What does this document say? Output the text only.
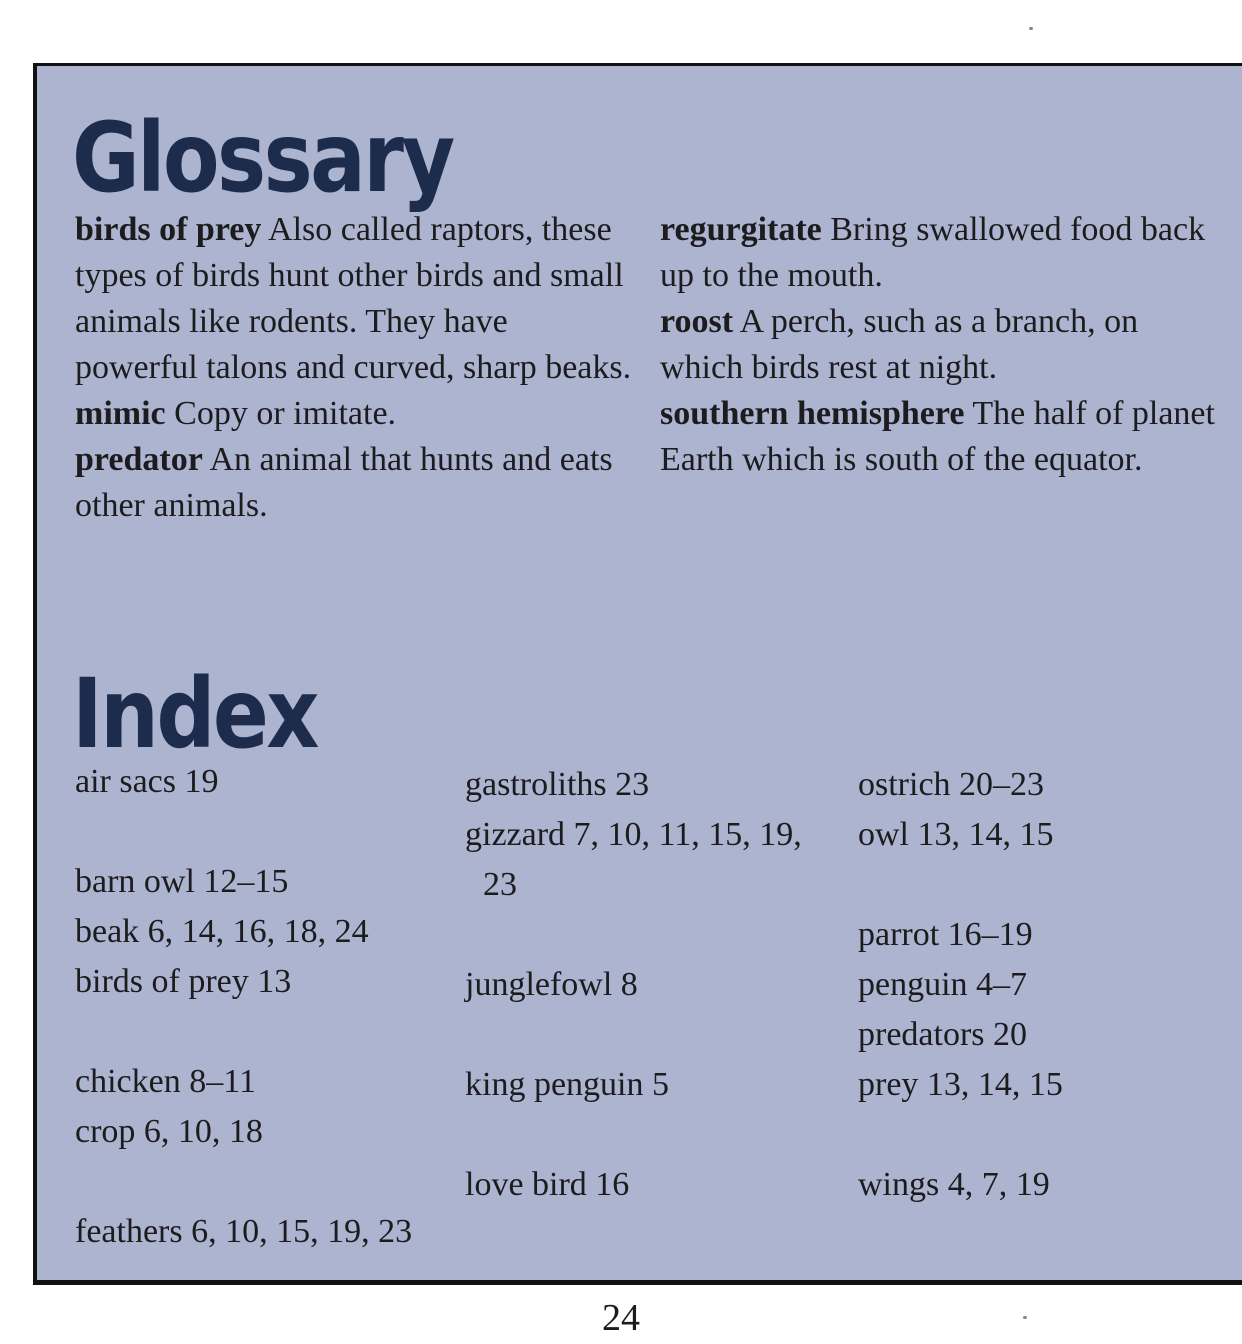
Glossary

birds of prey Also called raptors, these types of birds hunt other birds and small animals like rodents. They have powerful talons and curved, sharp beaks.

mimic Copy or imitate.

predator An animal that hunts and eats other animals.

regurgitate Bring swallowed food back up to the mouth.

roost A perch, such as a branch, on which birds rest at night.

southern hemisphere The half of planet Earth which is south of the equator.

Index
air sacs 19
barn owl 12–15
beak 6, 14, 16, 18, 24
birds of prey 13
chicken 8–11
crop 6, 10, 18
feathers 6, 10, 15, 19, 23
gastroliths 23
gizzard 7, 10, 11, 15, 19,
23
junglefowl 8
king penguin 5
love bird 16
ostrich 20–23
owl 13, 14, 15
parrot 16–19
penguin 4–7
predators 20
prey 13, 14, 15
wings 4, 7, 19
24
